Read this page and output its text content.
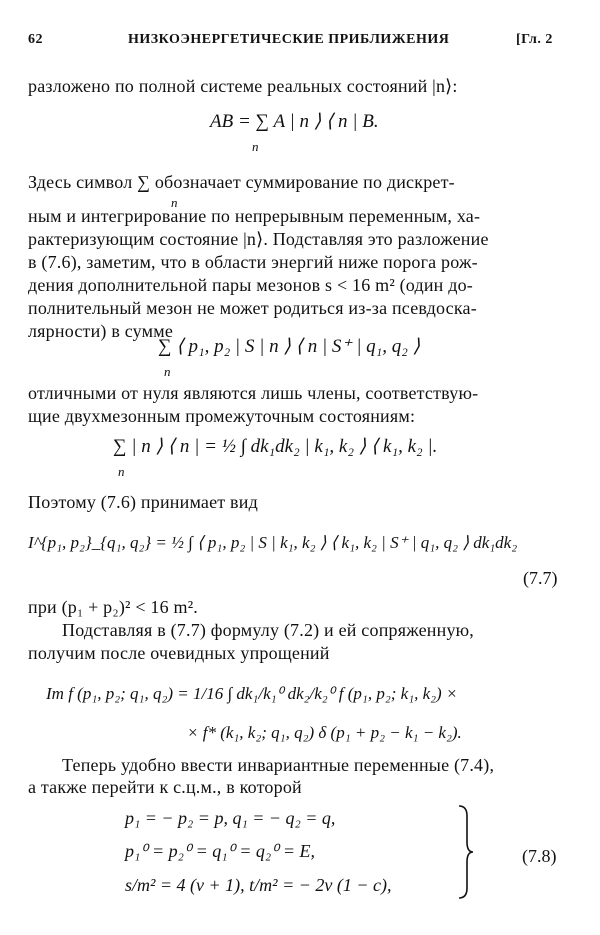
62	НИЗКОЭНЕРГЕТИЧЕСКИЕ ПРИБЛИЖЕНИЯ	[Гл. 2
разложено по полной системе реальных состояний |n⟩:
AB = ∑ A | n ⟩ ⟨ n | B.
n
Здесь символ ∑ обозначает суммирование по дискрет-
n
ным и интегрирование по непрерывным переменным, ха-
рактеризующим состояние |n⟩. Подставляя это разложение
в (7.6), заметим, что в области энергий ниже порога рож-
дения дополнительной пары мезонов s < 16 m² (один до-
полнительный мезон не может родиться из-за псевдоска-
лярности) в сумме
∑ ⟨ p₁, p₂ | S | n ⟩ ⟨ n | S⁺ | q₁, q₂ ⟩
n
отличными от нуля являются лишь члены, соответствую-
щие двухмезонным промежуточным состояниям:
∑ | n ⟩ ⟨ n | = ½ ∫ dk₁dk₂ | k₁, k₂ ⟩ ⟨ k₁, k₂ |.
n
Поэтому (7.6) принимает вид
I^{p₁, p₂}_{q₁, q₂} = ½ ∫ ⟨ p₁, p₂ | S | k₁, k₂ ⟩ ⟨ k₁, k₂ | S⁺ | q₁, q₂ ⟩ dk₁dk₂
(7.7)
при (p₁ + p₂)² < 16 m².
Подставляя в (7.7) формулу (7.2) и ей сопряженную,
получим после очевидных упрощений
Im f (p₁, p₂; q₁, q₂) = 1/16 ∫ dk₁/k₁⁰ dk₂/k₂⁰ f (p₁, p₂; k₁, k₂) ×
× f* (k₁, k₂; q₁, q₂) δ (p₁ + p₂ − k₁ − k₂).
Теперь удобно ввести инвариантные переменные (7.4),
а также перейти к с.ц.м., в которой
p₁ = − p₂ = p, q₁ = − q₂ = q,
p₁⁰ = p₂⁰ = q₁⁰ = q₂⁰ = E,
s/m² = 4 (ν + 1), t/m² = − 2ν (1 − c),
(7.8)
